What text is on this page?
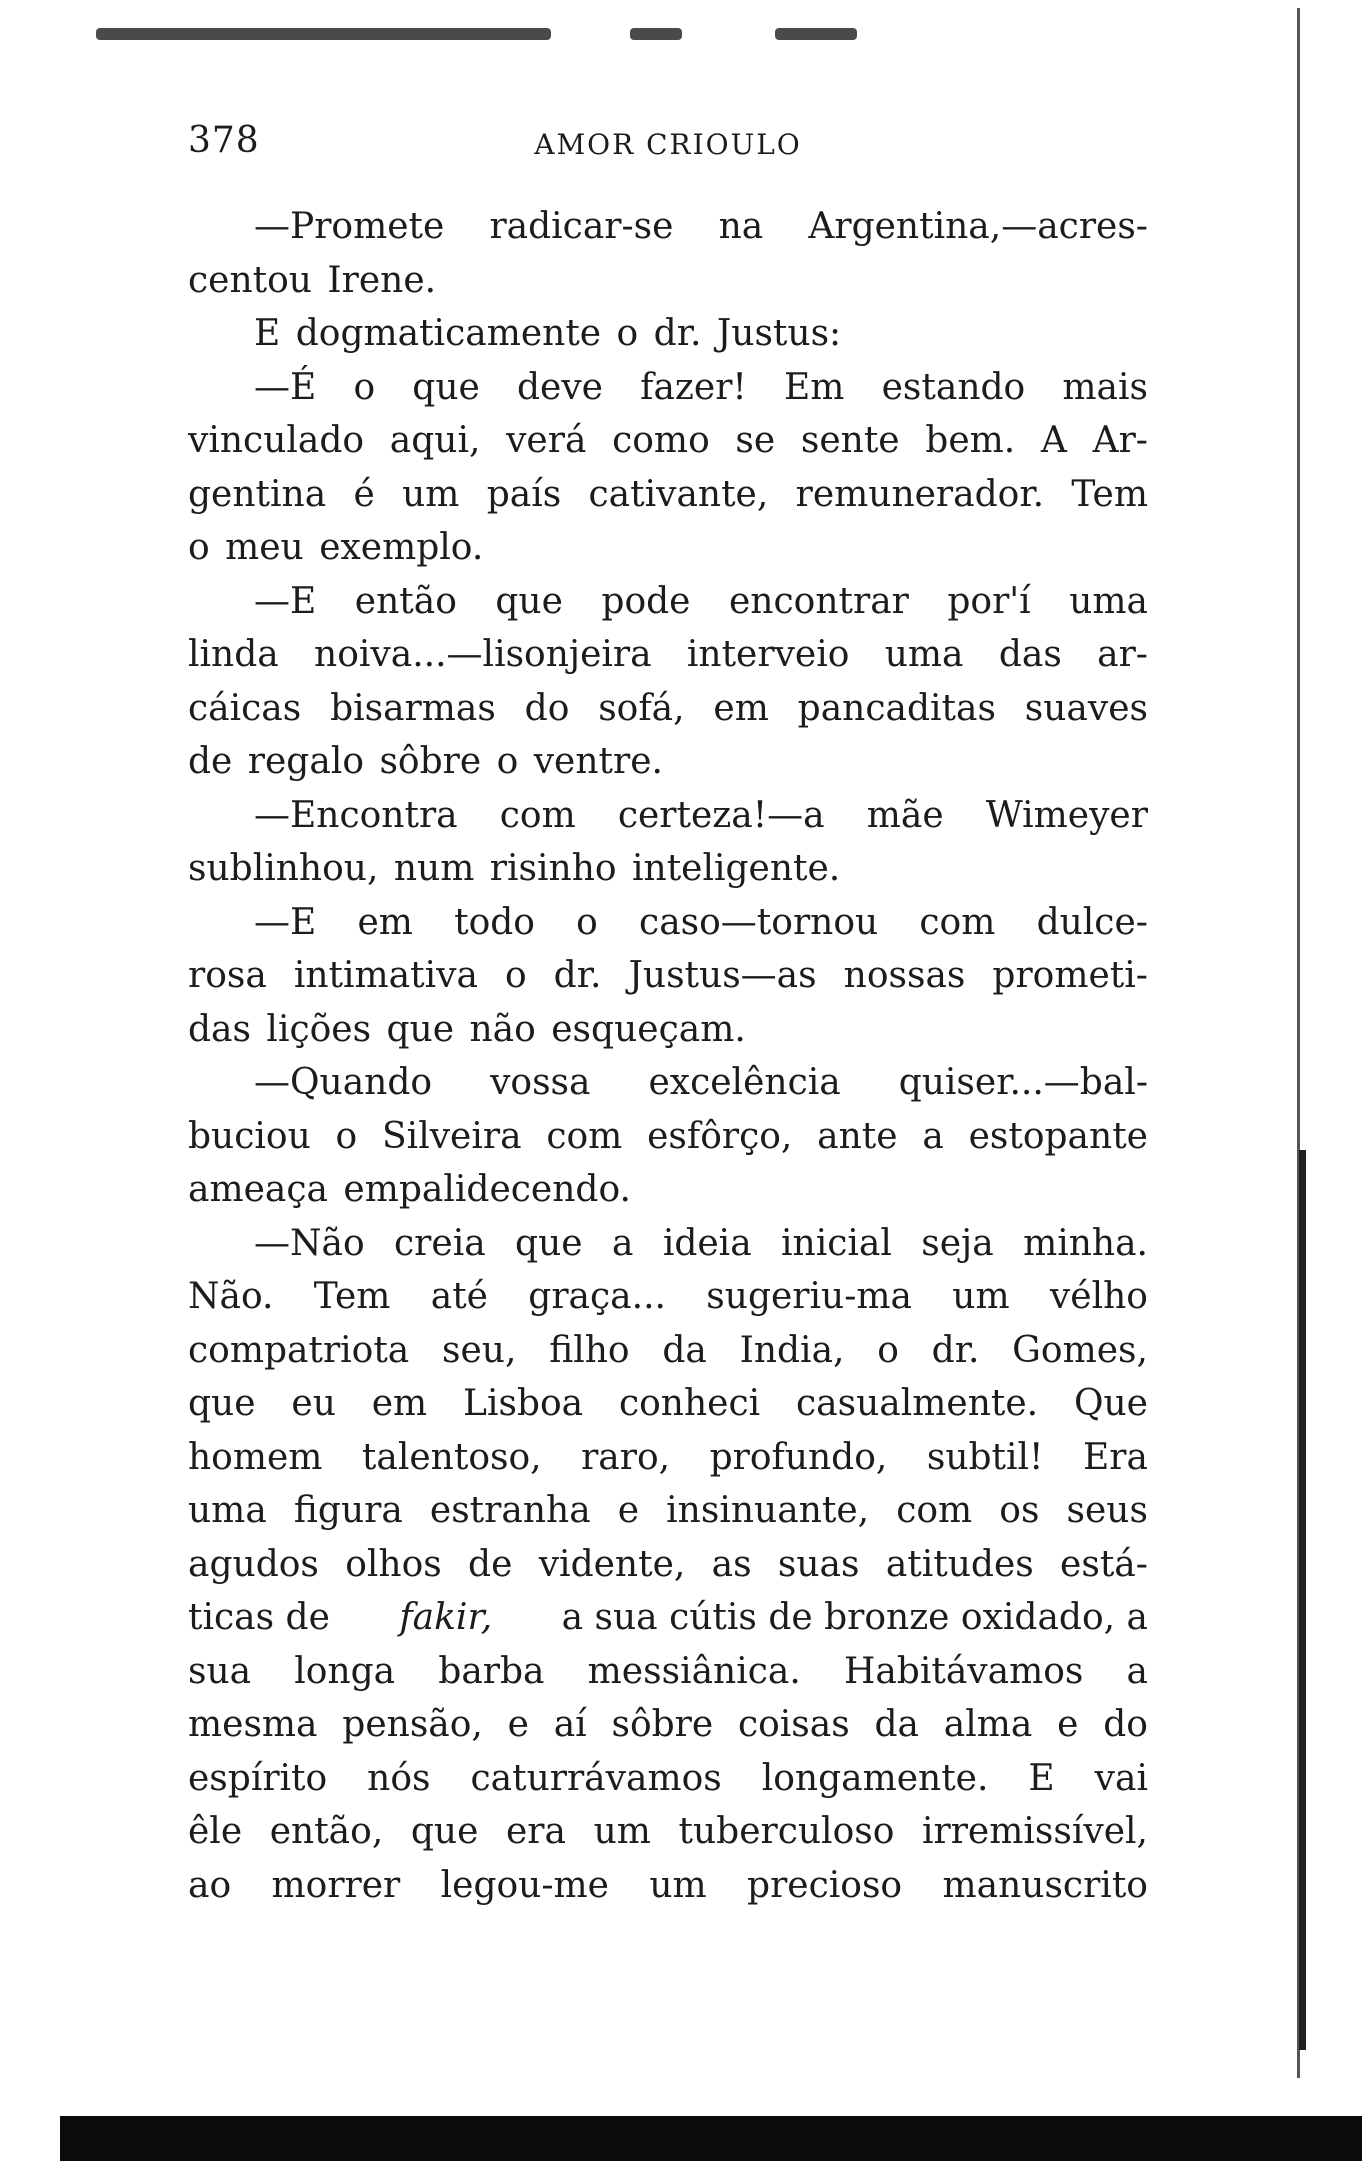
378	AMOR CRIOULO
—Promete radicar-se na Argentina,—acres-
centou Irene.
E dogmaticamente o dr. Justus:
—É o que deve fazer! Em estando mais
vinculado aqui, verá como se sente bem. A Ar-
gentina é um país cativante, remunerador. Tem
o meu exemplo.
—E então que pode encontrar por'í uma
linda noiva...—lisonjeira interveio uma das ar-
cáicas bisarmas do sofá, em pancaditas suaves
de regalo sôbre o ventre.
—Encontra com certeza!—a mãe Wimeyer
sublinhou, num risinho inteligente.
—E em todo o caso—tornou com dulce-
rosa intimativa o dr. Justus—as nossas prometi-
das lições que não esqueçam.
—Quando vossa excelência quiser...—bal-
buciou o Silveira com esfôrço, ante a estopante
ameaça empalidecendo.
—Não creia que a ideia inicial seja minha.
Não. Tem até graça... sugeriu-ma um vélho
compatriota seu, filho da India, o dr. Gomes,
que eu em Lisboa conheci casualmente. Que
homem talentoso, raro, profundo, subtil! Era
uma figura estranha e insinuante, com os seus
agudos olhos de vidente, as suas atitudes está-
ticas de fakir, a sua cútis de bronze oxidado, a
sua longa barba messiânica. Habitávamos a
mesma pensão, e aí sôbre coisas da alma e do
espírito nós caturrávamos longamente. E vai
êle então, que era um tuberculoso irremissível,
ao morrer legou-me um precioso manuscrito
